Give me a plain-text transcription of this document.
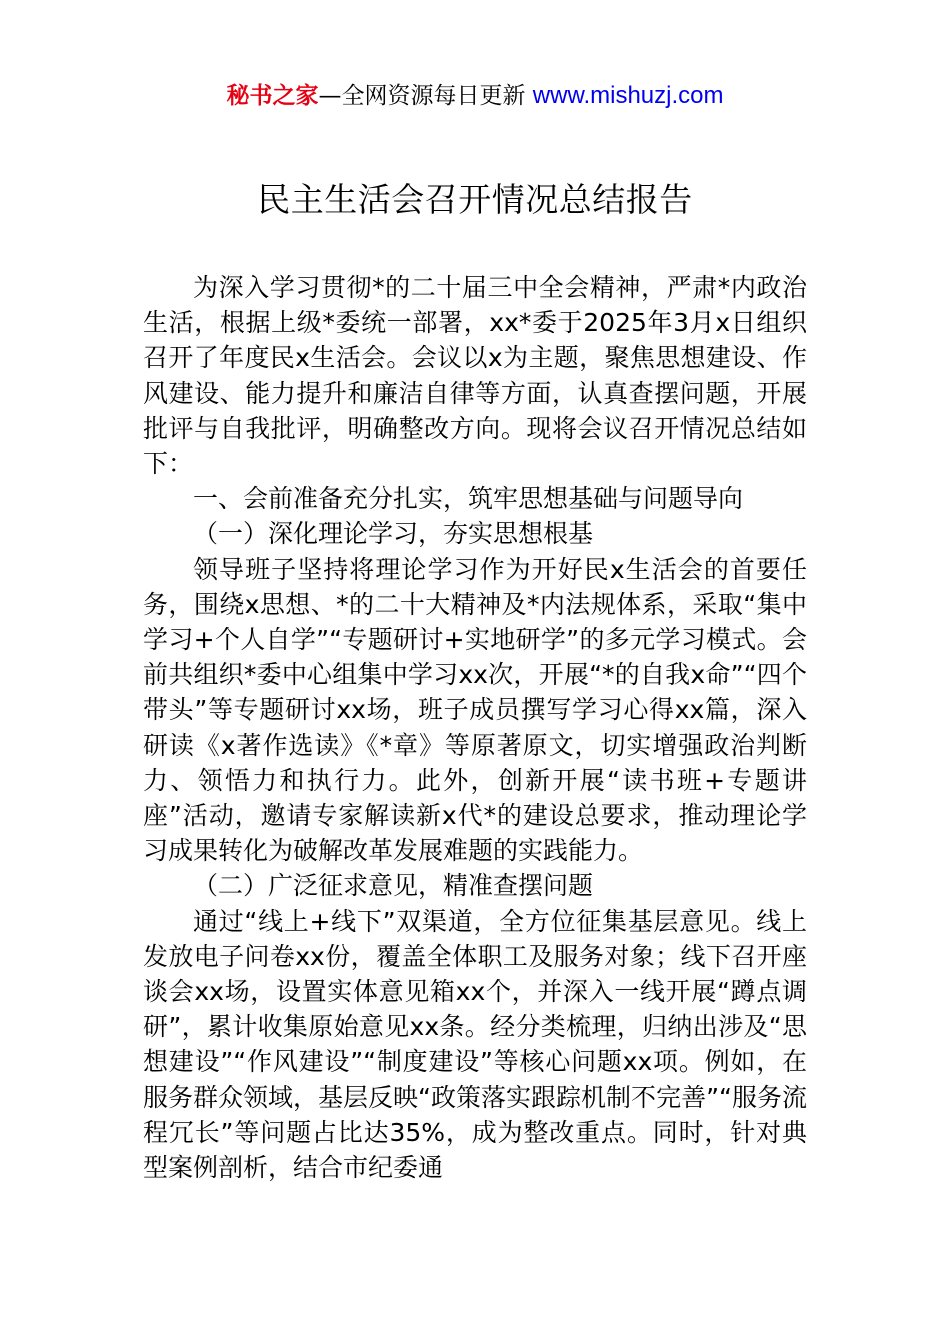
秘书之家—全网资源每日更新 www.mishuzj.com
民主生活会召开情况总结报告

为深入学习贯彻*的二十届三中全会精神，严肃*内政治生活，根据上级*委统一部署，xx*委于2025年3月x日组织召开了年度民x生活会。会议以x为主题，聚焦思想建设、作风建设、能力提升和廉洁自律等方面，认真查摆问题，开展批评与自我批评，明确整改方向。现将会议召开情况总结如下：

一、会前准备充分扎实，筑牢思想基础与问题导向

（一）深化理论学习，夯实思想根基

领导班子坚持将理论学习作为开好民x生活会的首要任务，围绕x思想、*的二十大精神及*内法规体系，采取“集中学习+个人自学”“专题研讨+实地研学”的多元学习模式。会前共组织*委中心组集中学习xx次，开展“*的自我x命”“四个带头”等专题研讨xx场，班子成员撰写学习心得xx篇，深入研读《x著作选读》《*章》等原著原文，切实增强政治判断力、领悟力和执行力。此外，创新开展“读书班+专题讲座”活动，邀请专家解读新x代*的建设总要求，推动理论学习成果转化为破解改革发展难题的实践能力。

（二）广泛征求意见，精准查摆问题

通过“线上+线下”双渠道，全方位征集基层意见。线上发放电子问卷xx份，覆盖全体职工及服务对象；线下召开座谈会xx场，设置实体意见箱xx个，并深入一线开展“蹲点调研”，累计收集原始意见xx条。经分类梳理，归纳出涉及“思想建设”“作风建设”“制度建设”等核心问题xx项。例如，在服务群众领域，基层反映“政策落实跟踪机制不完善”“服务流程冗长”等问题占比达35%，成为整改重点。同时，针对典型案例剖析，结合市纪委通
